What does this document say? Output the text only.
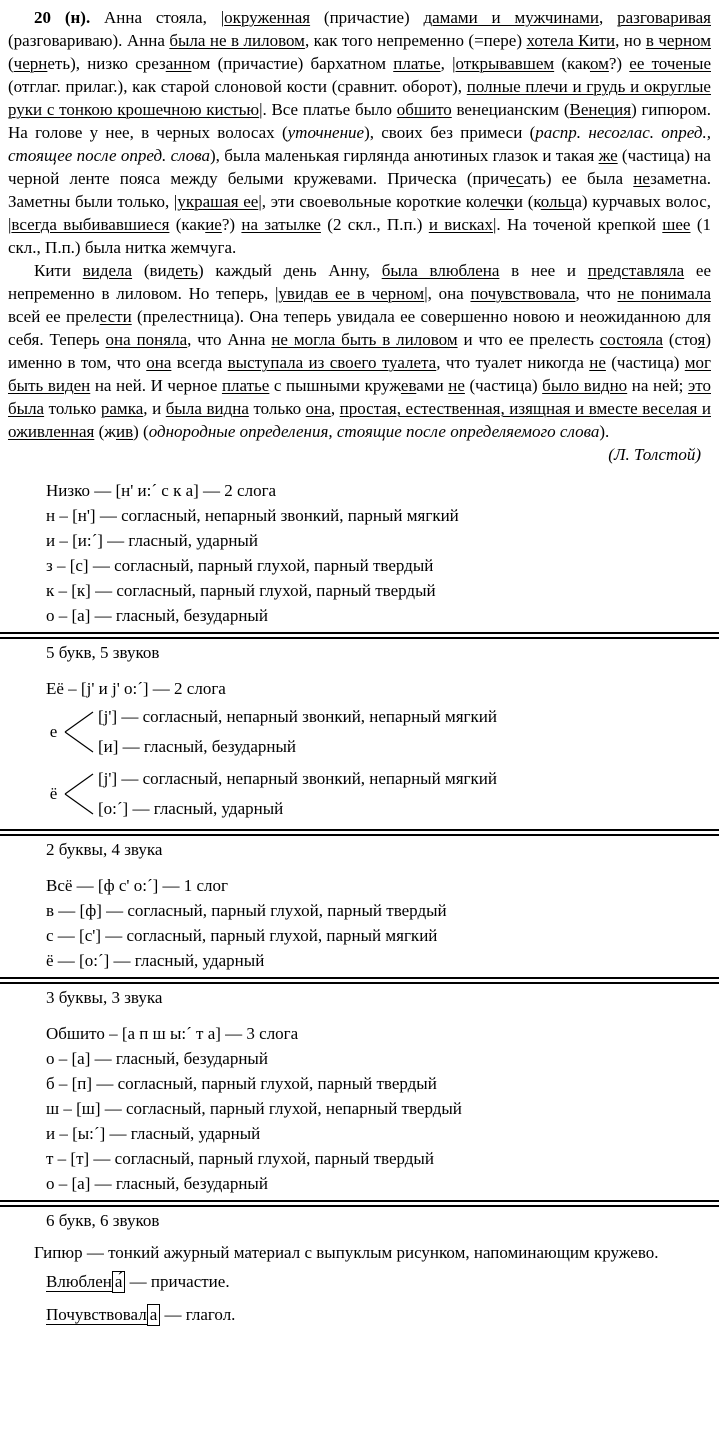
20 (н). Анна стояла, |окруженная (причастие) дамами и мужчинами, разговаривая (разговариваю). Анна была не в лиловом, как того непременно (=пере) хотела Кити, но в черном (чернеть), низко срезанном (причастие) бархатном платье, |открывавшем (каком?) ее точеные (отглаг. прилаг.), как старой слоновой кости (сравнит. оборот), полные плечи и грудь и округлые руки с тонкою крошечною кистью|. Все платье было обшито венецианским (Венеция) гипюром. На голове у нее, в черных волосах (уточнение), своих без примеси (распр. несоглас. опред., стоящее после опред. слова), была маленькая гирлянда анютиных глазок и такая же (частица) на черной ленте пояса между белыми кружевами. Прическа (причесать) ее была незаметна. Заметны были только, |украшая ее|, эти своевольные короткие колечки (кольца) курчавых волос, |всегда выбивавшиеся (какие?) на затылке (2 скл., П.п.) и висках|. На точеной крепкой шее (1 скл., П.п.) была нитка жемчуга.

Кити видела (видеть) каждый день Анну, была влюблена в нее и представляла ее непременно в лиловом. Но теперь, |увидав ее в черном|, она почувствовала, что не понимала всей ее прелести (прелестница). Она теперь увидала ее совершенно новою и неожиданною для себя. Теперь она поняла, что Анна не могла быть в лиловом и что ее прелесть состояла (стоя) именно в том, что она всегда выступала из своего туалета, что туалет никогда не (частица) мог быть виден на ней. И черное платье с пышными кружевами не (частица) было видно на ней; это была только рамка, и была видна только она, простая, естественная, изящная и вместе веселая и оживленная (жив) (однородные определения, стоящие после определяемого слова).

(Л. Толстой)
Низко — [н' и:´ с к а] — 2 слога
н – [н'] — согласный, непарный звонкий, парный мягкий
и – [и:´] — гласный, ударный
з – [с] — согласный, парный глухой, парный твердый
к – [к] — согласный, парный глухой, парный твердый
о – [а] — гласный, безударный
5 букв, 5 звуков
Её – [j' и j' о:´] — 2 слога
е
[j'] — согласный, непарный звонкий, непарный мягкий
[и] — гласный, безударный
ё
[j'] — согласный, непарный звонкий, непарный мягкий
[о:´] — гласный, ударный
2 буквы, 4 звука
Всё — [ф с' о:´] — 1 слог
в — [ф] — согласный, парный глухой, парный твердый
с — [с'] — согласный, парный глухой, парный мягкий
ё — [о:´] — гласный, ударный
3 буквы, 3 звука
Обшито – [а п ш ы:´ т а] — 3 слога
о – [а] — гласный, безударный
б – [п] — согласный, парный глухой, парный твердый
ш – [ш] — согласный, парный глухой, непарный твердый
и – [ы:´] — гласный, ударный
т – [т] — согласный, парный глухой, парный твердый
о – [а] — гласный, безударный
6 букв, 6 звуков

Гипюр — тонкий ажурный материал с выпуклым рисунком, напоминающим кружево.

Влюблен а́ — причастие.
Почувствовал а — глагол.
